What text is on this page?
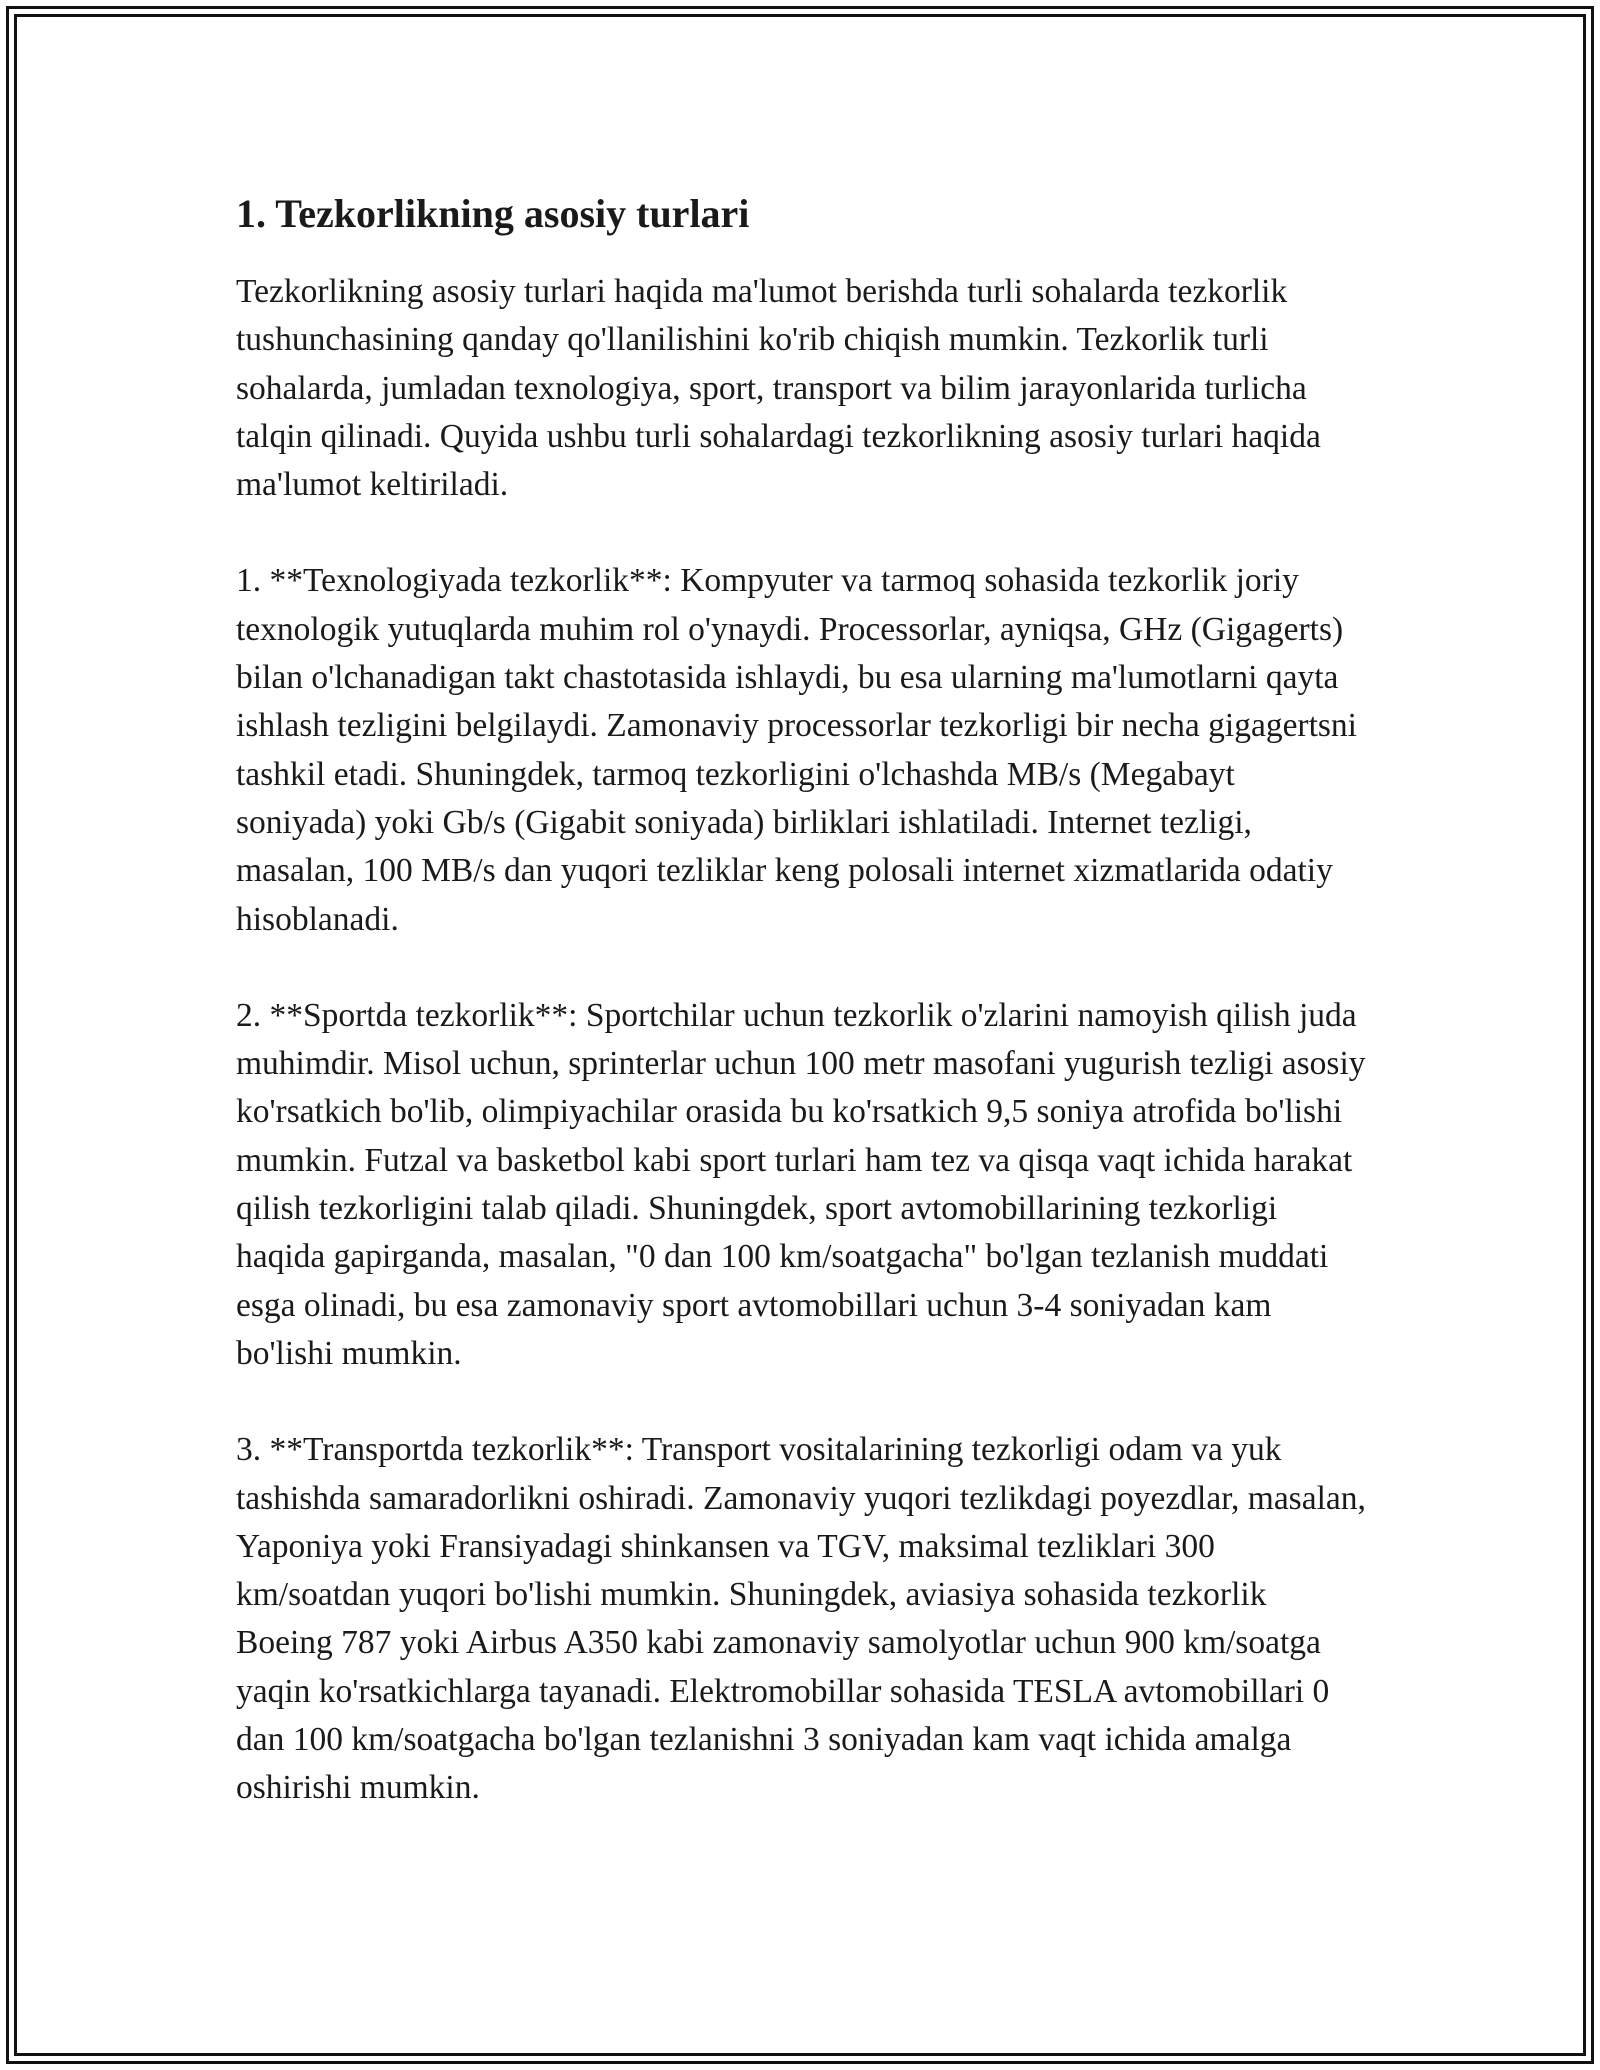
1. Tezkorlikning asosiy turlari

Tezkorlikning asosiy turlari haqida ma'lumot berishda turli sohalarda tezkorlik tushunchasining qanday qo'llanilishini ko'rib chiqish mumkin. Tezkorlik turli sohalarda, jumladan texnologiya, sport, transport va bilim jarayonlarida turlicha talqin qilinadi. Quyida ushbu turli sohalardagi tezkorlikning asosiy turlari haqida ma'lumot keltiriladi.

1. **Texnologiyada tezkorlik**: Kompyuter va tarmoq sohasida tezkorlik joriy texnologik yutuqlarda muhim rol o'ynaydi. Processorlar, ayniqsa, GHz (Gigagerts) bilan o'lchanadigan takt chastotasida ishlaydi, bu esa ularning ma'lumotlarni qayta ishlash tezligini belgilaydi. Zamonaviy processorlar tezkorligi bir necha gigagertsni tashkil etadi. Shuningdek, tarmoq tezkorligini o'lchashda MB/s (Megabayt soniyada) yoki Gb/s (Gigabit soniyada) birliklari ishlatiladi. Internet tezligi, masalan, 100 MB/s dan yuqori tezliklar keng polosali internet xizmatlarida odatiy hisoblanadi.

2. **Sportda tezkorlik**: Sportchilar uchun tezkorlik o'zlarini namoyish qilish juda muhimdir. Misol uchun, sprinterlar uchun 100 metr masofani yugurish tezligi asosiy ko'rsatkich bo'lib, olimpiyachilar orasida bu ko'rsatkich 9,5 soniya atrofida bo'lishi mumkin. Futzal va basketbol kabi sport turlari ham tez va qisqa vaqt ichida harakat qilish tezkorligini talab qiladi. Shuningdek, sport avtomobillarining tezkorligi haqida gapirganda, masalan, "0 dan 100 km/soatgacha" bo'lgan tezlanish muddati esga olinadi, bu esa zamonaviy sport avtomobillari uchun 3-4 soniyadan kam bo'lishi mumkin.

3. **Transportda tezkorlik**: Transport vositalarining tezkorligi odam va yuk tashishda samaradorlikni oshiradi. Zamonaviy yuqori tezlikdagi poyezdlar, masalan, Yaponiya yoki Fransiyadagi shinkansen va TGV, maksimal tezliklari 300 km/soatdan yuqori bo'lishi mumkin. Shuningdek, aviasiya sohasida tezkorlik Boeing 787 yoki Airbus A350 kabi zamonaviy samolyotlar uchun 900 km/soatga yaqin ko'rsatkichlarga tayanadi. Elektromobillar sohasida TESLA avtomobillari 0 dan 100 km/soatgacha bo'lgan tezlanishni 3 soniyadan kam vaqt ichida amalga oshirishi mumkin.
